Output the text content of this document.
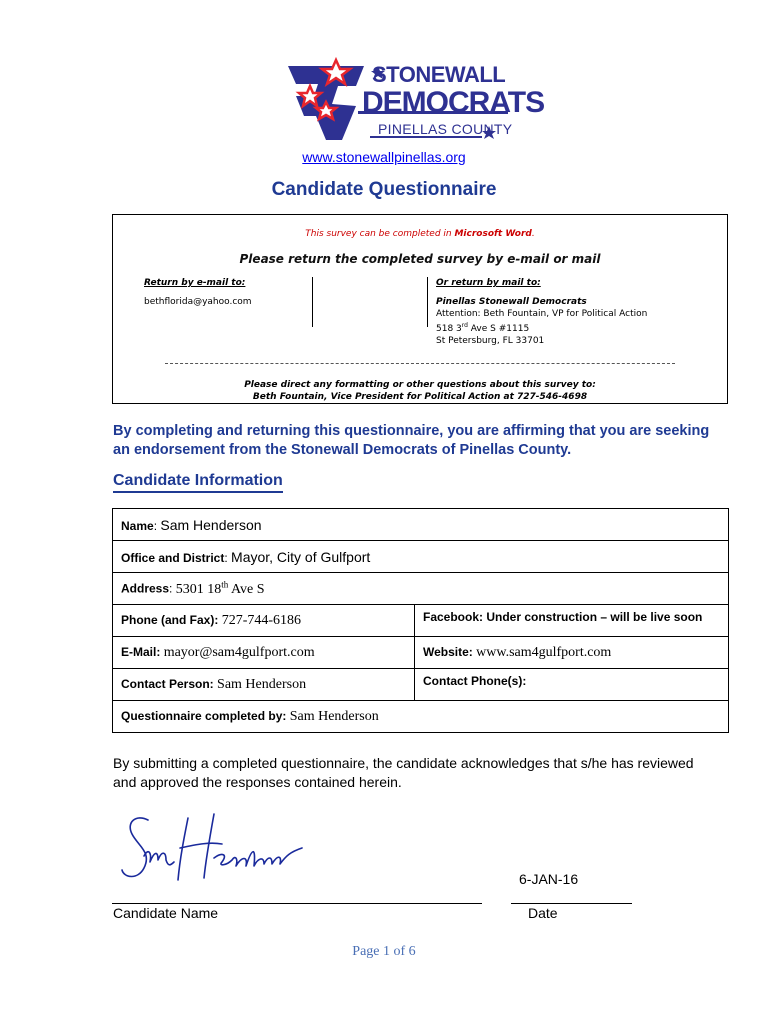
STONEWALL
DEMOCRATS
PINELLAS COUNTY
www.stonewallpinellas.org
Candidate Questionnaire
This survey can be completed in Microsoft Word.
Please return the completed survey by e-mail or mail
Return by e-mail to:
bethflorida@yahoo.com
Or return by mail to:
Pinellas Stonewall Democrats
Attention: Beth Fountain, VP for Political Action
518 3rd Ave S #1115
St Petersburg, FL 33701
Please direct any formatting or other questions about this survey to:
Beth Fountain, Vice President for Political Action at 727-546-4698
By completing and returning this questionnaire, you are affirming that you are seeking an endorsement from the Stonewall Democrats of Pinellas County.
Candidate Information
Name: Sam Henderson	
Office and District: Mayor, City of Gulfport	
Address: 5301 18th Ave S	
Phone (and Fax): 727-744-6186	Facebook: Under construction – will be live soon
E-Mail: mayor@sam4gulfport.com	Website: www.sam4gulfport.com
Contact Person: Sam Henderson	Contact Phone(s):
Questionnaire completed by: Sam Henderson	
By submitting a completed questionnaire, the candidate acknowledges that s/he has reviewed and approved the responses contained herein.
6-JAN-16
Candidate Name	Date
Page 1 of 6
